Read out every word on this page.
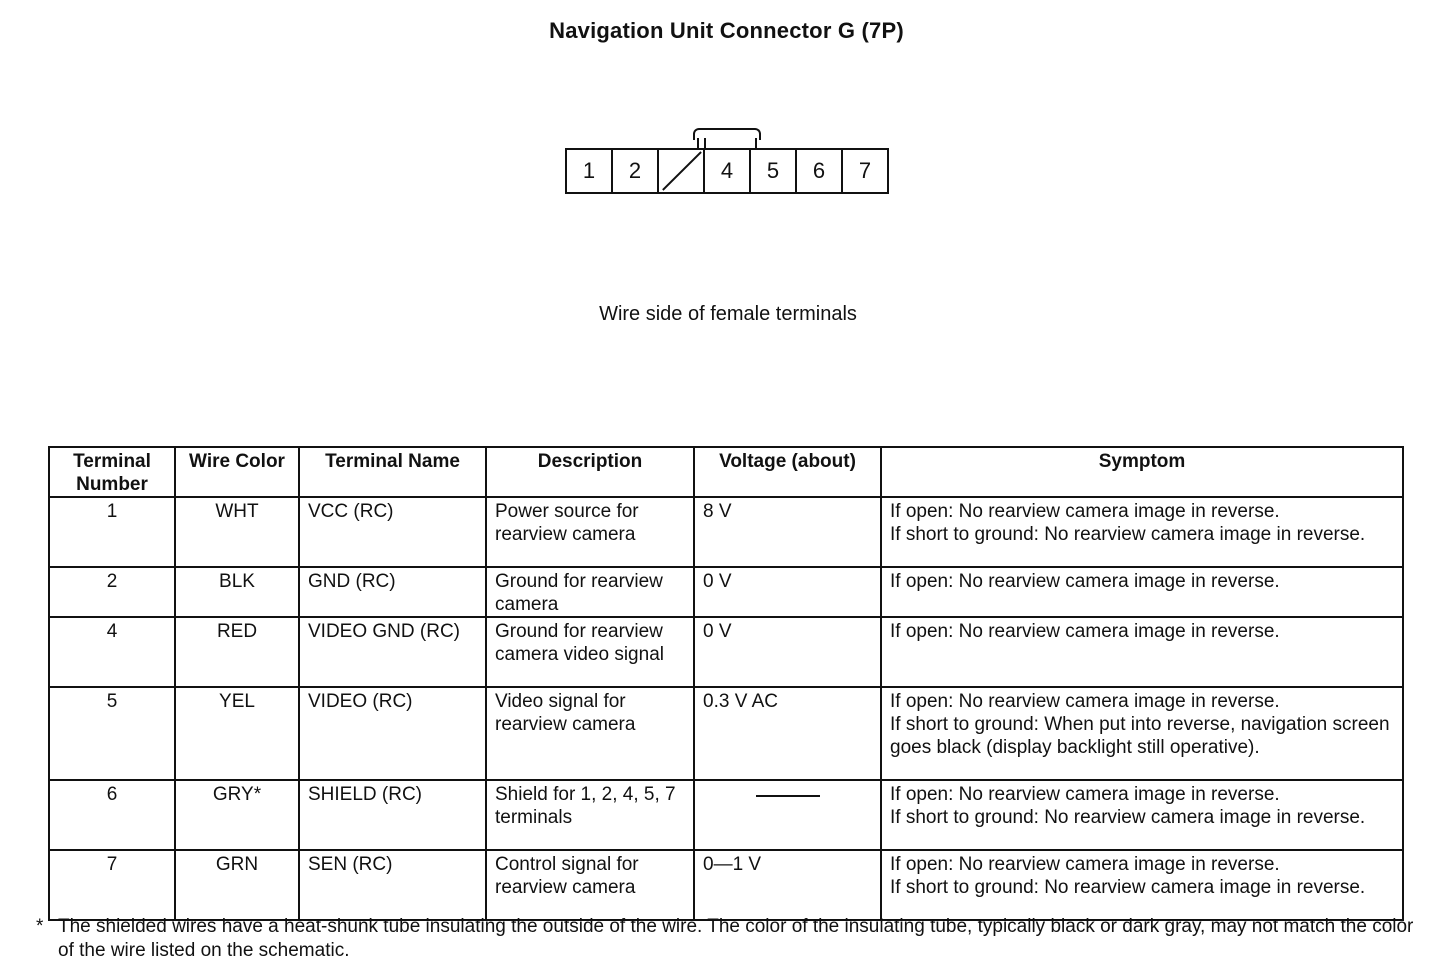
Navigation Unit Connector G (7P)
1	2	4	5	6	7
Wire side of female terminals
Terminal Number	Wire Color	Terminal Name	Description	Voltage (about)	Symptom
1	WHT	VCC (RC)	Power source for rearview camera	8 V	If open: No rearview camera image in reverse.
If short to ground: No rearview camera image in reverse.

2	BLK	GND (RC)	Ground for rearview camera	0 V	If open: No rearview camera image in reverse.

4	RED	VIDEO GND (RC)	Ground for rearview camera video signal	0 V	If open: No rearview camera image in reverse.

5	YEL	VIDEO (RC)	Video signal for rearview camera	0.3 V AC	If open: No rearview camera image in reverse.
If short to ground: When put into reverse, navigation screen goes black (display backlight still operative).

6	GRY*	SHIELD (RC)	Shield for 1, 2, 4, 5, 7 terminals		If open: No rearview camera image in reverse.
If short to ground: No rearview camera image in reverse.

7	GRN	SEN (RC)	Control signal for rearview camera	0—1 V	If open: No rearview camera image in reverse.
If short to ground: No rearview camera image in reverse.
* The shielded wires have a heat-shunk tube insulating the outside of the wire. The color of the insulating tube, typically black or dark gray, may not match the color of the wire listed on the schematic.
